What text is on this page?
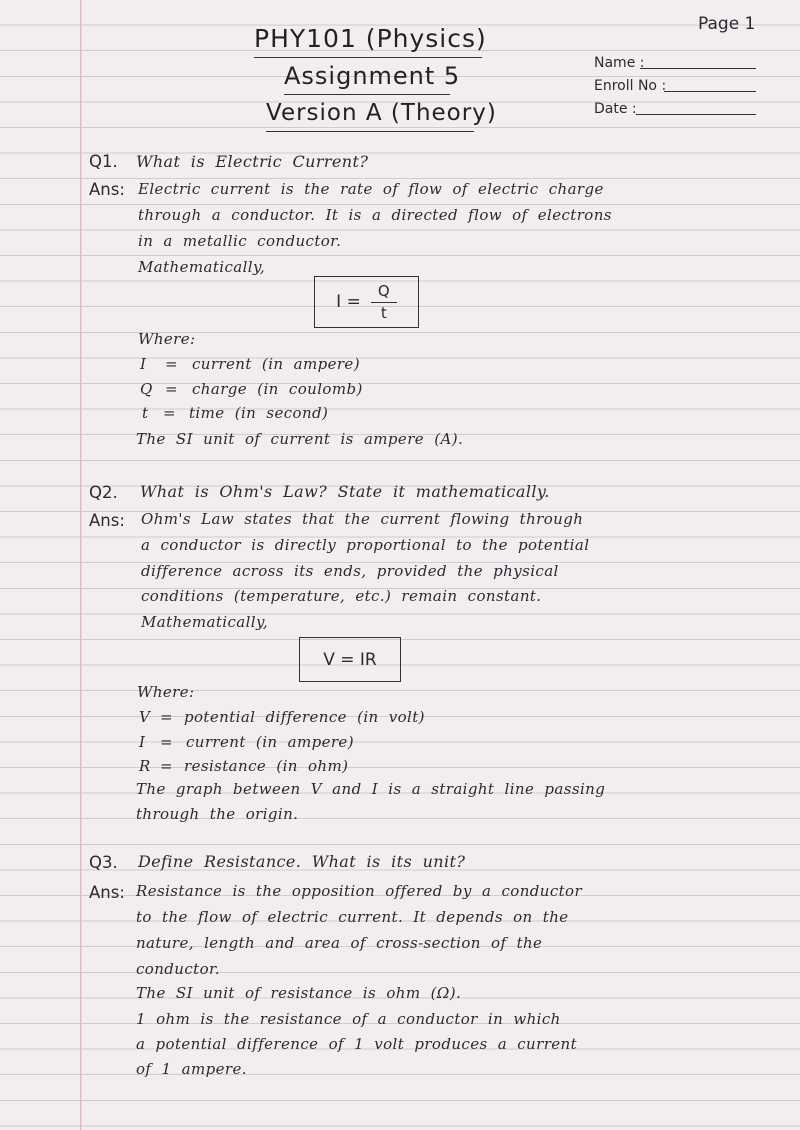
Page 1
PHY101 (Physics)
Assignment 5
Version A (Theory)
Name :
Enroll No :
Date :
Q1. What is Electric Current?
Ans: Electric current is the rate of flow of electric charge
through a conductor. It is a directed flow of electrons
in a metallic conductor.
Mathematically,
$I = \frac{Q}{t}$
Where:
I = current (in ampere)
Q = charge (in coulomb)
t = time (in second)
The SI unit of current is ampere (A).
Q2. What is Ohm's Law? State it mathematically.
Ans: Ohm's Law states that the current flowing through
a conductor is directly proportional to the potential
difference across its ends, provided the physical
conditions (temperature, etc.) remain constant.
Mathematically,
V = IR
Where:
V = potential difference (in volt)
I = current (in ampere)
R = resistance (in ohm)
The graph between V and I is a straight line passing
through the origin.
Q3. Define Resistance. What is its unit?
Ans: Resistance is the opposition offered by a conductor
to the flow of electric current. It depends on the
nature, length and area of cross-section of the
conductor.
The SI unit of resistance is ohm (Ω).
1 ohm is the resistance of a conductor in which
a potential difference of 1 volt produces a current
of 1 ampere.
